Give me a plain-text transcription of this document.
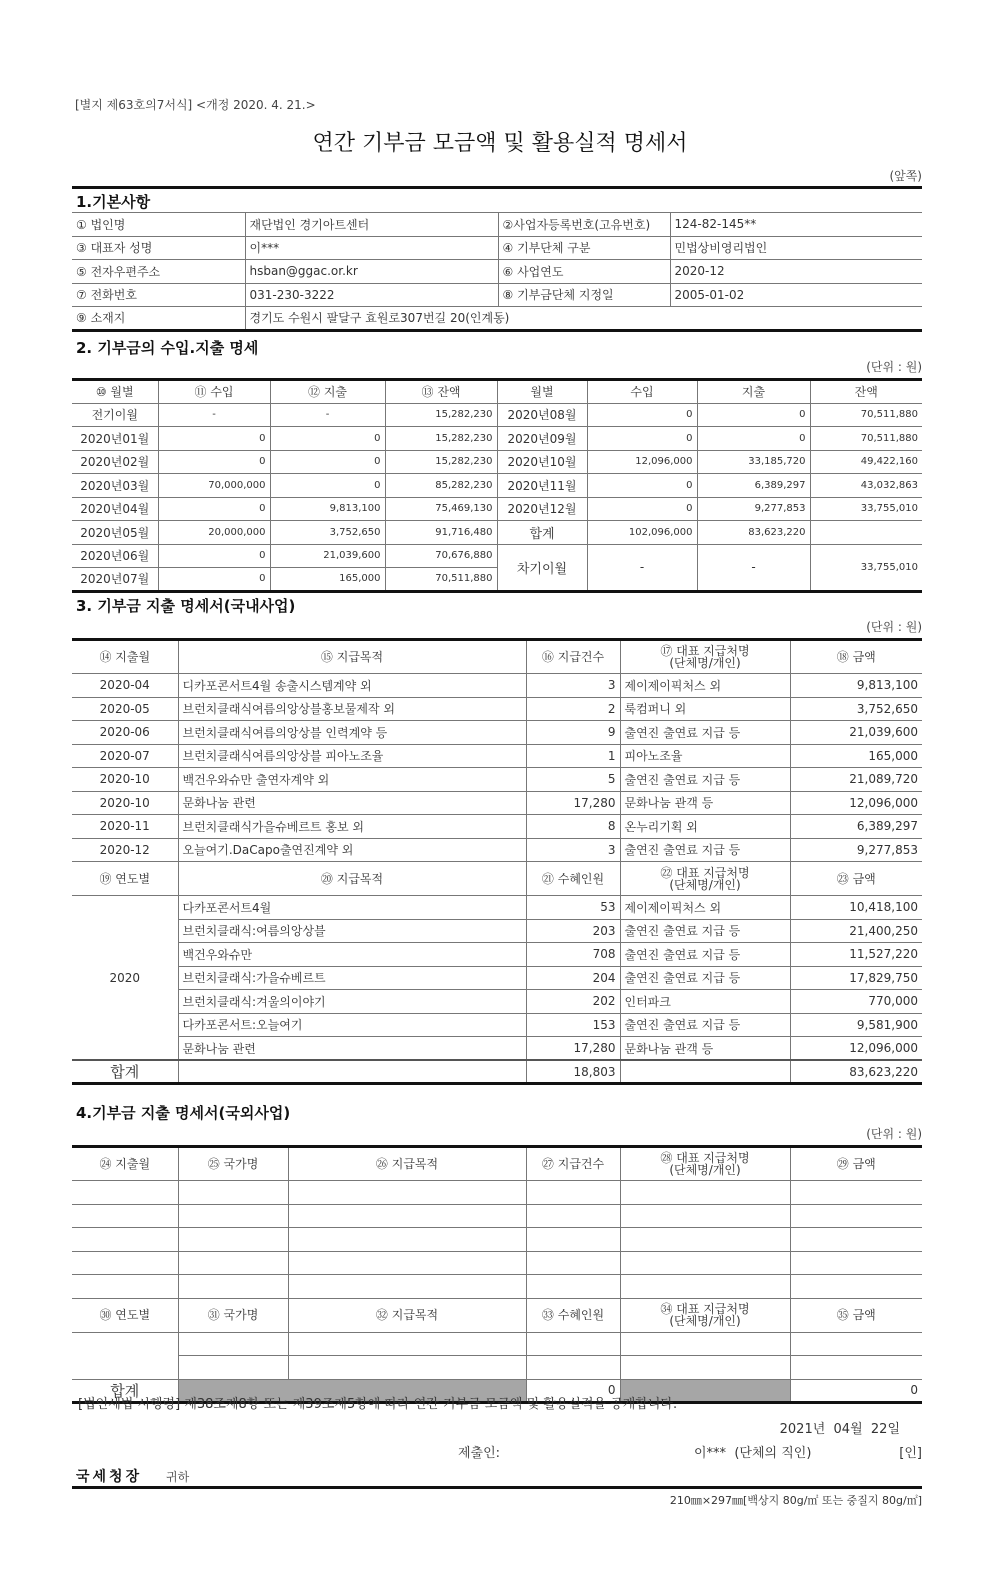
[별지 제63호의7서식] <개정 2020. 4. 21.>
연간 기부금 모금액 및 활용실적 명세서
(앞쪽)
1.기본사항
① 법인명	재단법인 경기아트센터	②사업자등록번호(고유번호)	124-82-145**
③ 대표자 성명	이***	④ 기부단체 구분	민법상비영리법인
⑤ 전자우편주소	hsban@ggac.or.kr	⑥ 사업연도	2020-12
⑦ 전화번호	031-230-3222	⑧ 기부금단체 지정일	2005-01-02
⑨ 소재지	경기도 수원시 팔달구 효원로307번길 20(인계동)		
2. 기부금의 수입.지출 명세
(단위 : 원)
⑩ 월별	⑪ 수입	⑫ 지출	⑬ 잔액	월별	수입	지출	잔액
전기이월	-	-	15,282,230	2020년08월	0	0	70,511,880
2020년01월	0	0	15,282,230	2020년09월	0	0	70,511,880
2020년02월	0	0	15,282,230	2020년10월	12,096,000	33,185,720	49,422,160
2020년03월	70,000,000	0	85,282,230	2020년11월	0	6,389,297	43,032,863
2020년04월	0	9,813,100	75,469,130	2020년12월	0	9,277,853	33,755,010
2020년05월	20,000,000	3,752,650	91,716,480	합계	102,096,000	83,623,220	
2020년06월	0	21,039,600	70,676,880	차기이월	-	-	33,755,010
2020년07월	0	165,000	70,511,880				
3. 기부금 지출 명세서(국내사업)
(단위 : 원)
⑭ 지출월	⑮ 지급목적	⑯ 지급건수	⑰ 대표 지급처명
(단체명/개인)	⑱ 금액
2020-04	디카포콘서트4월 송출시스템계약 외	3	제이제이픽처스 외	9,813,100
2020-05	브런치클래식여름의앙상블홍보물제작 외	2	룩컴퍼니 외	3,752,650
2020-06	브런치클래식여름의앙상블 인력계약 등	9	출연진 출연료 지급 등	21,039,600
2020-07	브런치클래식여름의앙상블 피아노조율	1	피아노조율	165,000
2020-10	백건우와슈만 출연자계약 외	5	출연진 출연료 지급 등	21,089,720
2020-10	문화나눔 관련	17,280	문화나눔 관객 등	12,096,000
2020-11	브런치클래식가을슈베르트 홍보 외	8	온누리기획 외	6,389,297
2020-12	오늘여기.DaCapo출연진계약 외	3	출연진 출연료 지급 등	9,277,853
⑲ 연도별	⑳ 지급목적	㉑ 수혜인원	㉒ 대표 지급처명
(단체명/개인)	㉓ 금액
2020	다카포콘서트4월	53	제이제이픽처스 외	10,418,100
	브런치클래식:여름의앙상블	203	출연진 출연료 지급 등	21,400,250
	백건우와슈만	708	출연진 출연료 지급 등	11,527,220
	브런치클래식:가을슈베르트	204	출연진 출연료 지급 등	17,829,750
	브런치클래식:겨울의이야기	202	인터파크	770,000
	다카포콘서트:오늘여기	153	출연진 출연료 지급 등	9,581,900
	문화나눔 관련	17,280	문화나눔 관객 등	12,096,000
합계		18,803		83,623,220
4.기부금 지출 명세서(국외사업)
(단위 : 원)
㉔ 지출월	㉕ 국가명	㉖ 지급목적	㉗ 지급건수	㉘ 대표 지급처명
(단체명/개인)	㉙ 금액

㉚ 연도별	㉛ 국가명	㉜ 지급목적	㉝ 수혜인원	㉞ 대표 지급처명
(단체명/개인)	㉟ 금액

합계			0		0
[법인세법 시행령] 제38조제8항 또는 제39조제5항에 따라 연간 기부금 모금액 및 활용실적을 공개합니다.
2021년  04월  22일
제출인:	이***  (단체의 직인)	[인]
국세청장 귀하
210㎜×297㎜[백상지 80g/㎡ 또는 중질지 80g/㎡]
